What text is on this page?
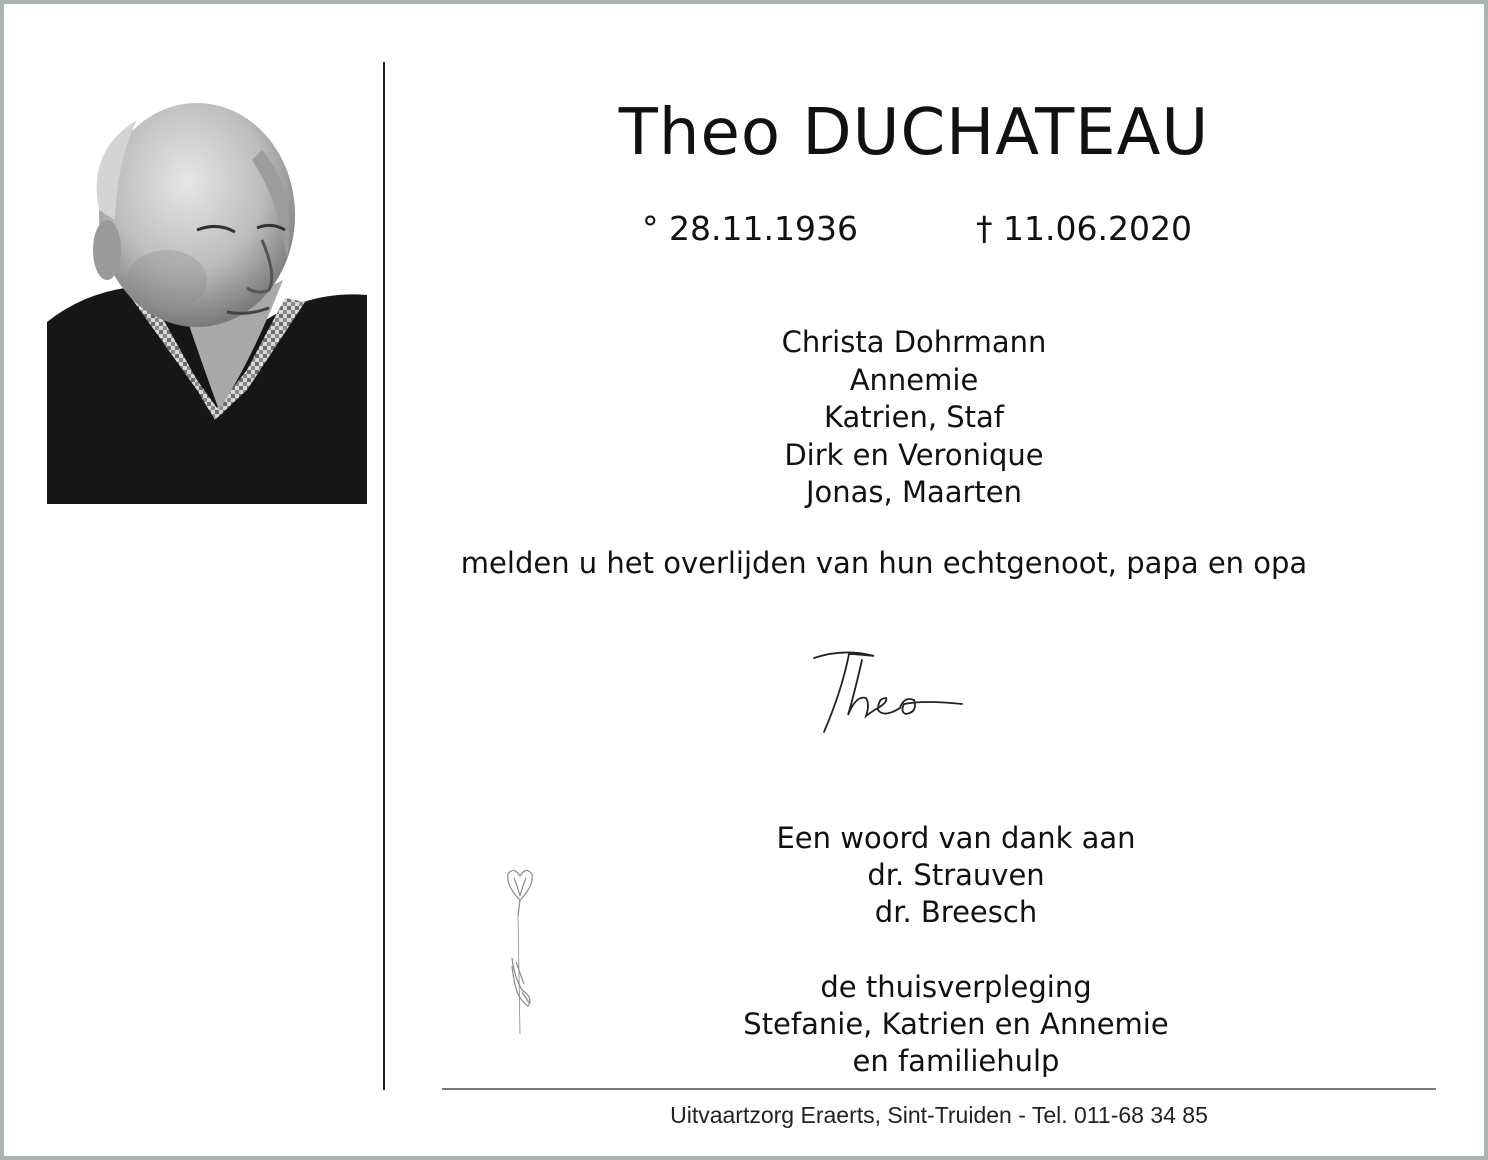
Theo DUCHATEAU
° 28.11.1936	† 11.06.2020
Christa Dohrmann
Annemie
Katrien, Staf
Dirk en Veronique
Jonas, Maarten
melden u het overlijden van hun echtgenoot, papa en opa
Een woord van dank aan
dr. Strauven
dr. Breesch
de thuisverpleging
Stefanie, Katrien en Annemie
en familiehulp
Uitvaartzorg Eraerts, Sint-Truiden - Tel. 011-68 34 85
